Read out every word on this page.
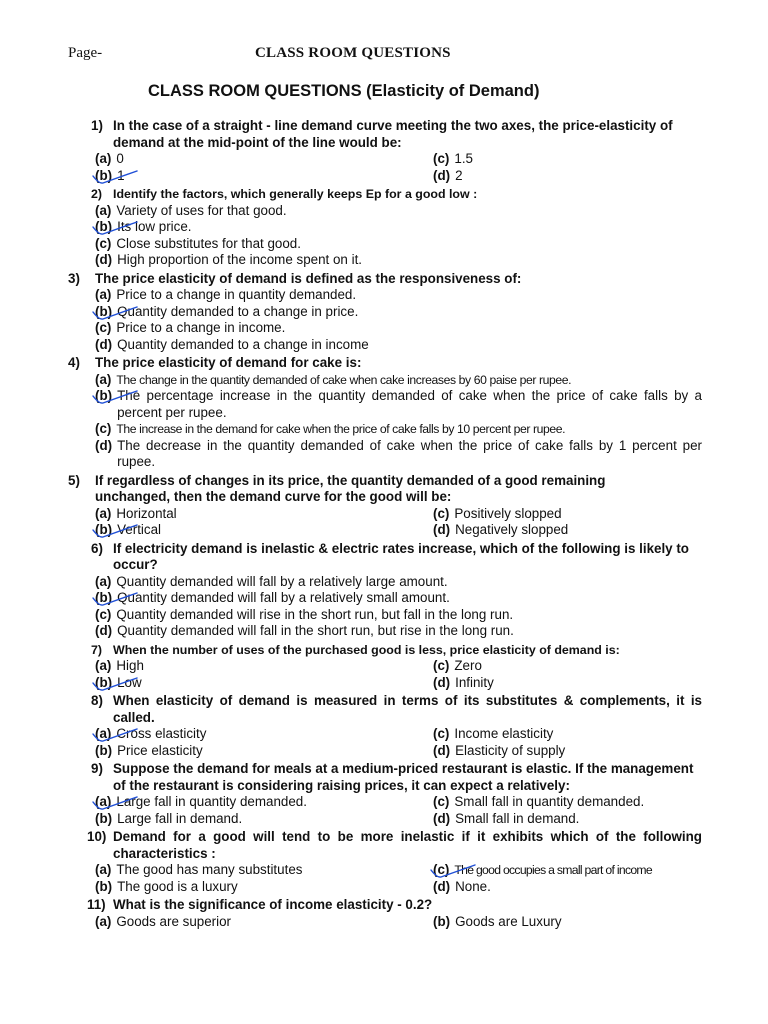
Page-	CLASS ROOM QUESTIONS
CLASS ROOM QUESTIONS (Elasticity of Demand)
1) In the case of a straight - line demand curve meeting the two axes, the price-elasticity of demand at the mid-point of the line would be:
(a) 0	(c) 1.5
(b) 1	(d) 2
2) Identify the factors, which generally keeps Ep for a good low :
(a) Variety of uses for that good.
(b) Its low price.
(c) Close substitutes for that good.
(d) High proportion of the income spent on it.
3)	The price elasticity of demand is defined as the responsiveness of:
(a) Price to a change in quantity demanded.
(b) Quantity demanded to a change in price.
(c) Price to a change in income.
(d) Quantity demanded to a change in income
4)	The price elasticity of demand for cake is:
(a) The change in the quantity demanded of cake when cake increases by 60 paise per rupee.
(b) The percentage increase in the quantity demanded of cake when the price of cake falls by a percent per rupee.
(c) The increase in the demand for cake when the price of cake falls by 10 percent per rupee.
(d) The decrease in the quantity demanded of cake when the price of cake falls by 1 percent per rupee.
5)	If regardless of changes in its price, the quantity demanded of a good remaining unchanged, then the demand curve for the good will be:
(a) Horizontal	(c) Positively slopped
(b) Vertical	(d) Negatively slopped
6) If electricity demand is inelastic & electric rates increase, which of the following is likely to occur?
(a) Quantity demanded will fall by a relatively large amount.
(b) Quantity demanded will fall by a relatively small amount.
(c) Quantity demanded will rise in the short run, but fall in the long run.
(d) Quantity demanded will fall in the short run, but rise in the long run.
7) When the number of uses of the purchased good is less, price elasticity of demand is:
(a) High	(c) Zero
(b) Low	(d) Infinity
8) When elasticity of demand is measured in terms of its substitutes & complements, it is called.
(a) Cross elasticity	(c) Income elasticity
(b) Price elasticity	(d) Elasticity of supply
9) Suppose the demand for meals at a medium-priced restaurant is elastic. If the management of the restaurant is considering raising prices, it can expect a relatively:
(a) Large fall in quantity demanded.	(c) Small fall in quantity demanded.
(b) Large fall in demand.	(d) Small fall in demand.
10) Demand for a good will tend to be more inelastic if it exhibits which of the following characteristics :
(a) The good has many substitutes	(c) The good occupies a small part of income
(b) The good is a luxury	(d) None.
11) What is the significance of income elasticity - 0.2?
(a) Goods are superior	(b) Goods are Luxury
